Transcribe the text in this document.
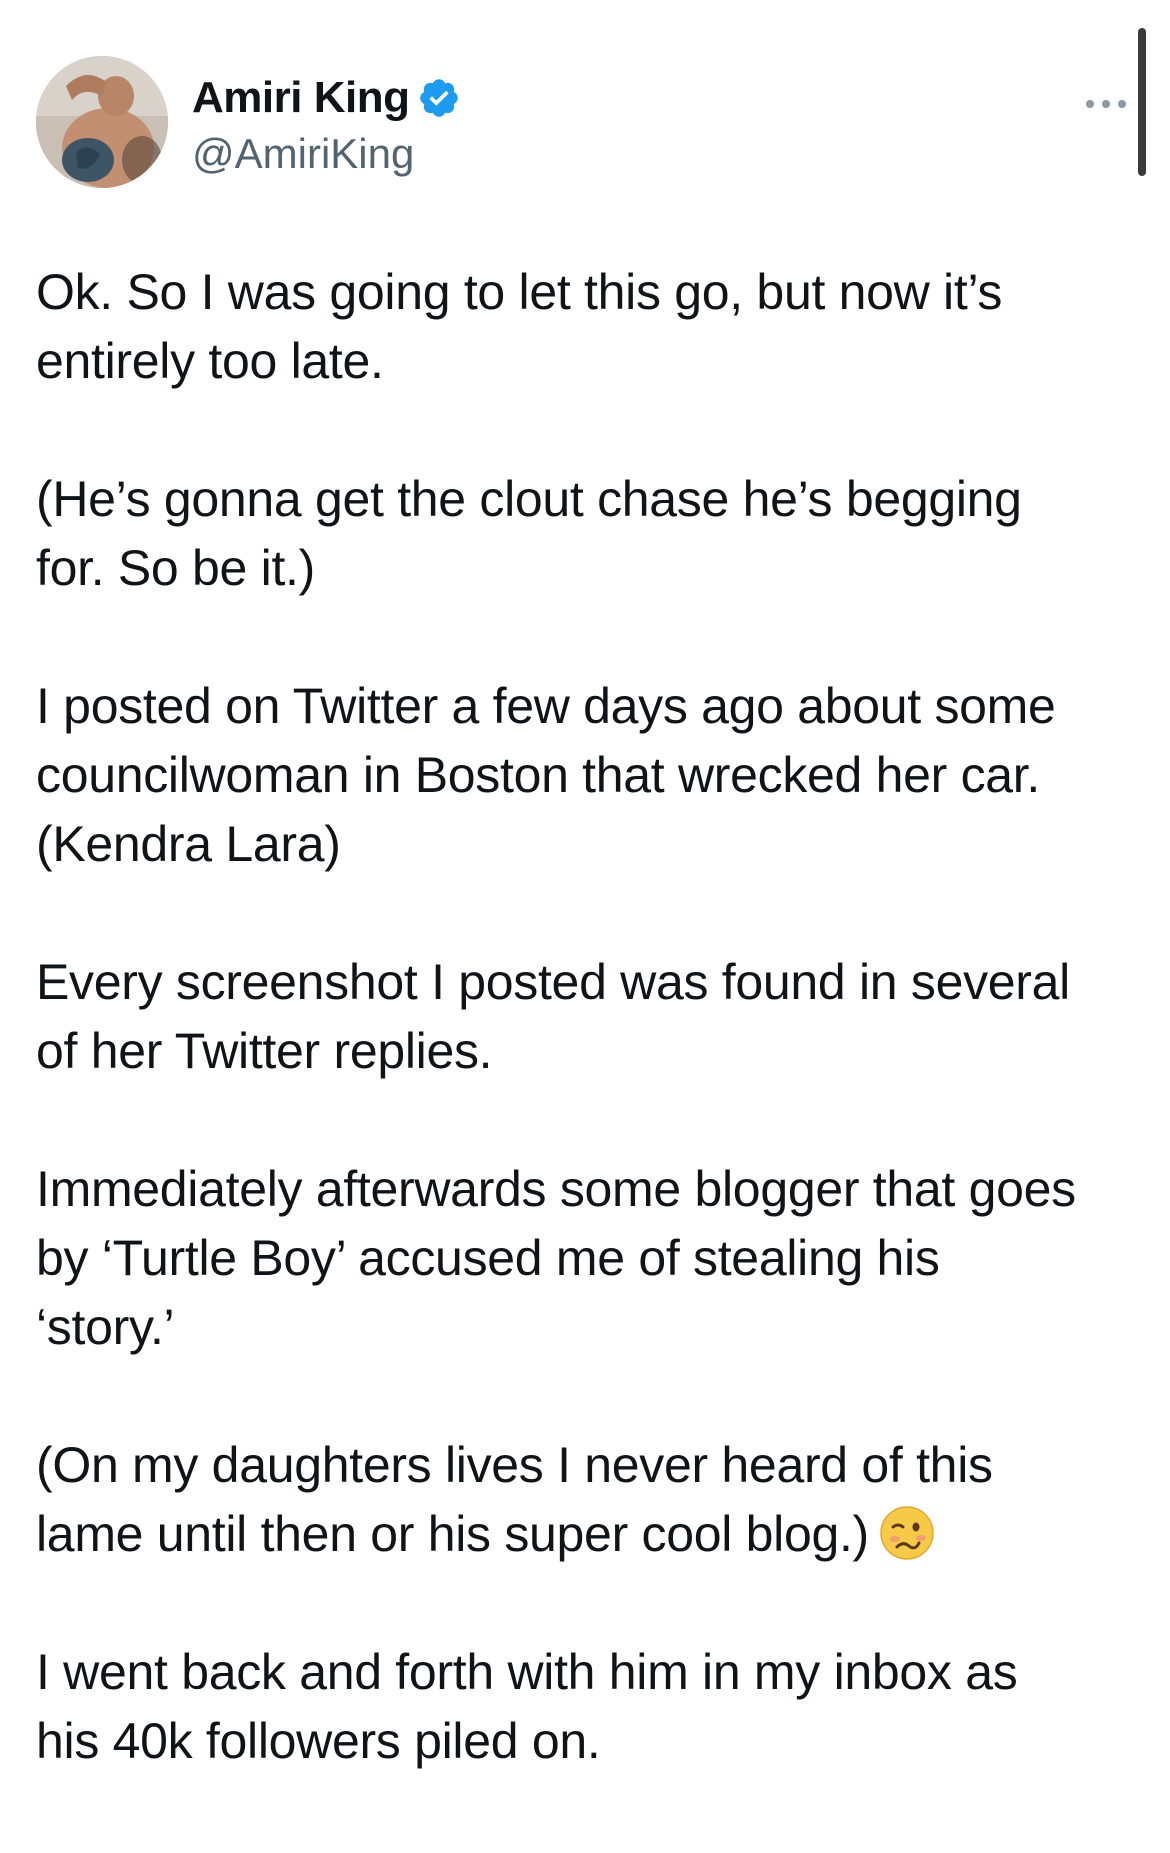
Amiri King
@AmiriKing

Ok. So I was going to let this go, but now it’s
entirely too late.

(He’s gonna get the clout chase he’s begging
for. So be it.)

I posted on Twitter a few days ago about some
councilwoman in Boston that wrecked her car.
(Kendra Lara)

Every screenshot I posted was found in several
of her Twitter replies.

Immediately afterwards some blogger that goes
by ‘Turtle Boy’ accused me of stealing his
‘story.’

(On my daughters lives I never heard of this
lame until then or his super cool blog.)

I went back and forth with him in my inbox as
his 40k followers piled on.
